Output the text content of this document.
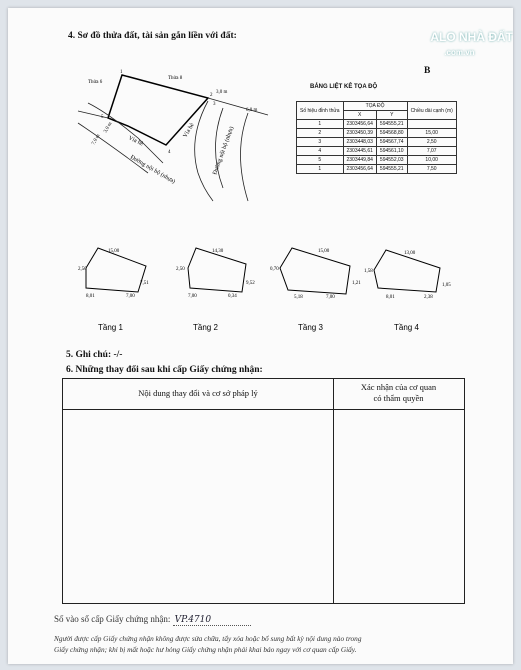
ALO NHÀ ĐẤT
.com.vn
B
4. Sơ đồ thửa đất, tài sản gắn liền với đất:
Thửa 6
Thửa 8
1
2
4
5
3
3,0 m
6,0 m
7,0 m
3,0 m
Vỉa hè
Vỉa hè
Đường nội bộ (nhựa)	Đường nội bộ (nhựa)
BẢNG LIỆT KÊ TỌA ĐỘ
Số hiệu đỉnh thửa	TỌA ĐỘ		Chiều dài cạnh (m)
	X	Y	
1	2303456,64	594555,21	
2	2303450,39	594568,80	15,00
3	2303448,03	594567,74	2,50
4	2303445,61	594561,10	7,07
5	2303449,84	594552,03	10,00
1	2303456,64	594555,21	7,50
2,50
15,00
7,51
8,01	7,00
Tầng 1
2,50
14,30
9,52
7,00	0,34
Tầng 2
0,70
15,00
1,21
5,18	7,00
Tầng 3
1,58
13,00
1,05
2,38
8,01
Tầng 4
5. Ghi chú: -/-
6. Những thay đổi sau khi cấp Giấy chứng nhận:
Nội dung thay đổi và cơ sở pháp lý
Xác nhận của cơ quan
có thẩm quyền
Số vào sổ cấp Giấy chứng nhận: VP.4710
Người được cấp Giấy chứng nhận không được sửa chữa, tẩy xóa hoặc bổ sung bất kỳ nội dung nào trong
Giấy chứng nhận; khi bị mất hoặc hư hỏng Giấy chứng nhận phải khai báo ngay với cơ quan cấp Giấy.
